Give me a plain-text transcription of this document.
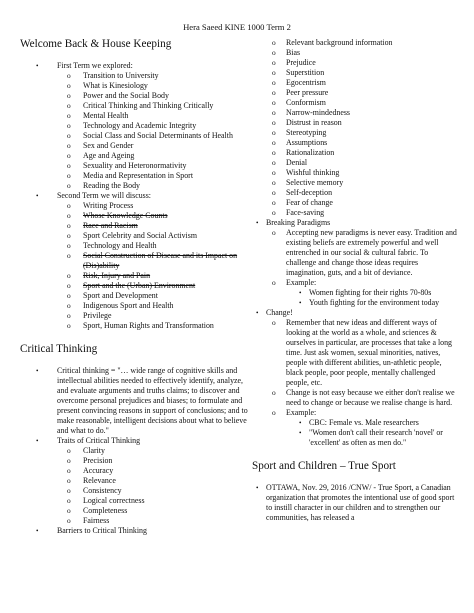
Hera Saeed KINE 1000 Term 2
Welcome Back & House Keeping
• First Term we explored:
o Transition to University
o What is Kinesiology
o Power and the Social Body
o Critical Thinking and Thinking Critically
o Mental Health
o Technology and Academic Integrity
o Social Class and Social Determinants of Health
o Sex and Gender
o Age and Ageing
o Sexuality and Heteronormativity
o Media and Representation in Sport
o Reading the Body
• Second Term we will discuss:
o Writing Process
o Whose Knowledge Counts
o Race and Racism
o Sport Celebrity and Social Activism
o Technology and Health
o Social Construction of Disease and its Impact on (Dis)ability
o Risk, Injury and Pain
o Sport and the (Urban) Environment
o Sport and Development
o Indigenous Sport and Health
o Privilege
o Sport, Human Rights and Transformation
Critical Thinking
• Critical thinking = "… wide range of cognitive skills and intellectual abilities needed to effectively identify, analyze, and evaluate arguments and truths claims; to discover and overcome personal prejudices and biases; to formulate and present convincing reasons in support of conclusions; and to make reasonable, intelligent decisions about what to believe and what to do."
• Traits of Critical Thinking
o Clarity
o Precision
o Accuracy
o Relevance
o Consistency
o Logical correctness
o Completeness
o Fairness
• Barriers to Critical Thinking
o Relevant background information
o Bias
o Prejudice
o Superstition
o Egocentrism
o Peer pressure
o Conformism
o Narrow-mindedness
o Distrust in reason
o Stereotyping
o Assumptions
o Rationalization
o Denial
o Wishful thinking
o Selective memory
o Self-deception
o Fear of change
o Face-saving
• Breaking Paradigms
o Accepting new paradigms is never easy. Tradition and existing beliefs are extremely powerful and well entrenched in our social & cultural fabric. To challenge and change those ideas requires imagination, guts, and a bit of deviance.
o Example:
• Women fighting for their rights 70-80s
• Youth fighting for the environment today
• Change!
o Remember that new ideas and different ways of looking at the world as a whole, and sciences & ourselves in particular, are processes that take a long time. Just ask women, sexual minorities, natives, people with different abilities, un-athletic people, black people, poor people, mentally challenged people, etc.
o Change is not easy because we either don't realise we need to change or because we realise change is hard.
o Example:
• CBC: Female vs. Male researchers
• "Women don't call their research 'novel' or 'excellent' as often as men do."
Sport and Children – True Sport
• OTTAWA, Nov. 29, 2016 /CNW/ - True Sport, a Canadian organization that promotes the intentional use of good sport to instill character in our children and to strengthen our communities, has released a
